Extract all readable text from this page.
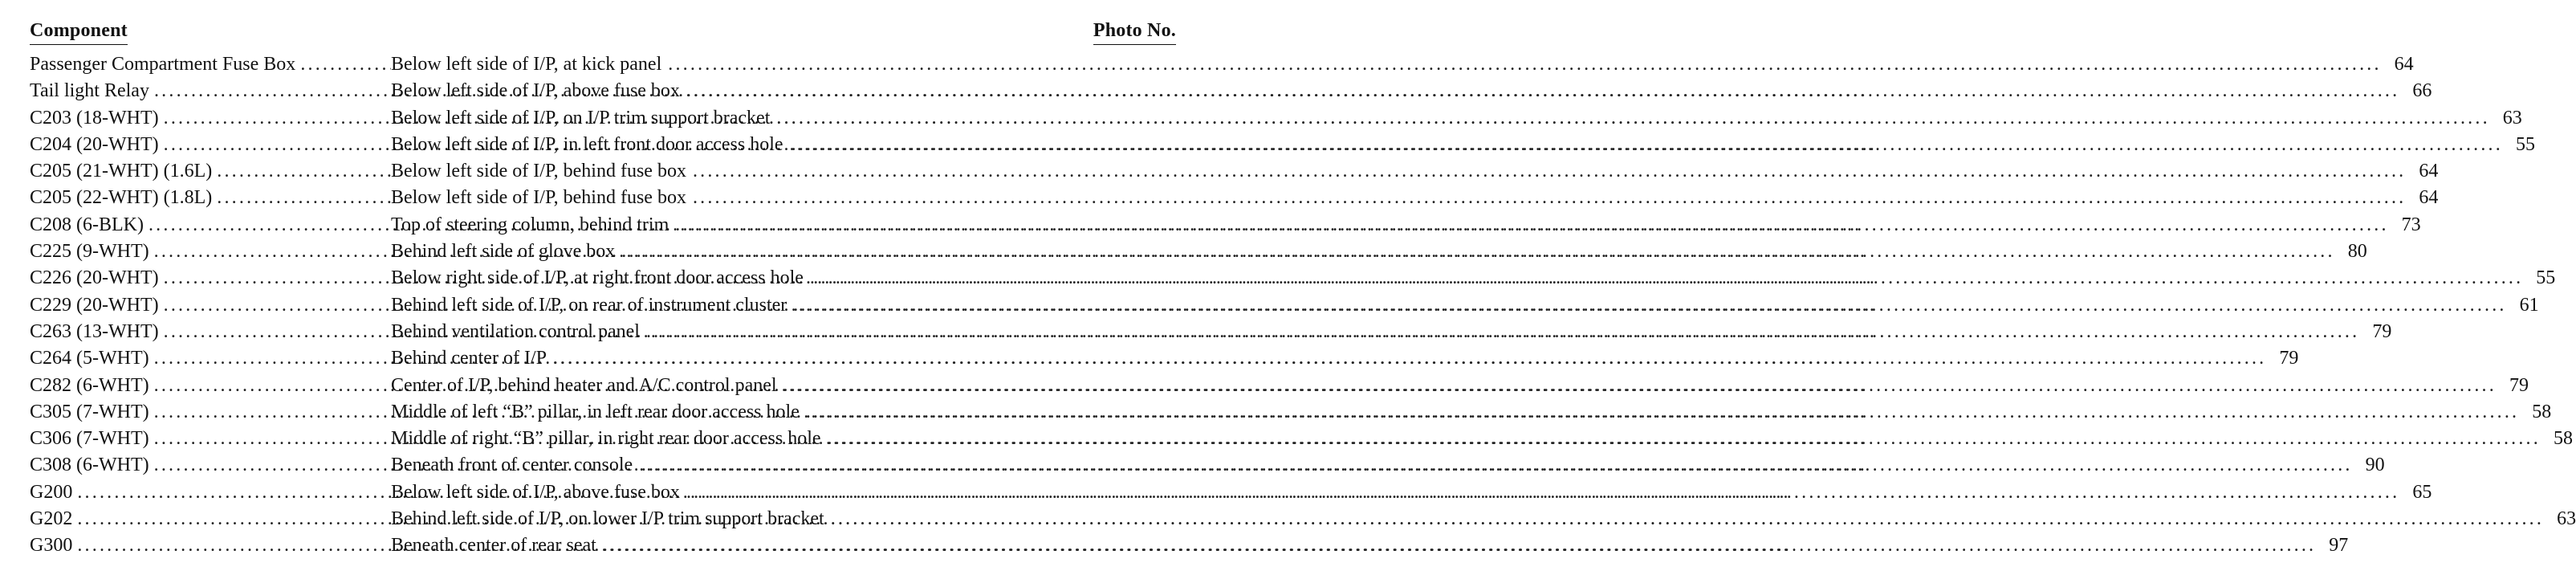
Component	Photo No.
Passenger Compartment Fuse Box .....	Below left side of I/P, at kick panel .....	64
Tail light Relay .....	Below left side of I/P, above fuse box .....	66
C203 (18-WHT) .....	Below left side of I/P, on I/P trim support bracket .....	63
C204 (20-WHT) .....	Below left side of I/P, in left front door access hole .....	55
C205 (21-WHT) (1.6L) .....	Below left side of I/P, behind fuse box .....	64
C205 (22-WHT) (1.8L) .....	Below left side of I/P, behind fuse box .....	64
C208 (6-BLK) .....	Top of steering column, behind trim .....	73
C225 (9-WHT) .....	Behind left side of glove box .....	80
C226 (20-WHT) .....	Below right side of I/P, at right front door access hole .....	55
C229 (20-WHT) .....	Behind left side of I/P, on rear of instrument cluster .....	61
C263 (13-WHT) .....	Behind ventilation control panel .....	79
C264 (5-WHT) .....	Behind center of I/P .....	79
C282 (6-WHT) .....	Center of I/P, behind heater and A/C control panel .....	79
C305 (7-WHT) .....	Middle of left “B” pillar, in left rear door access hole .....	58
C306 (7-WHT) .....	Middle of right “B” pillar, in right rear door access hole .....	58
C308 (6-WHT) .....	Beneath front of center console .....	90
G200 .....	Below left side of I/P, above fuse box .....	65
G202 .....	Behind left side of I/P, on lower I/P trim support bracket .....	63
G300 .....	Beneath center of rear seat .....	97
